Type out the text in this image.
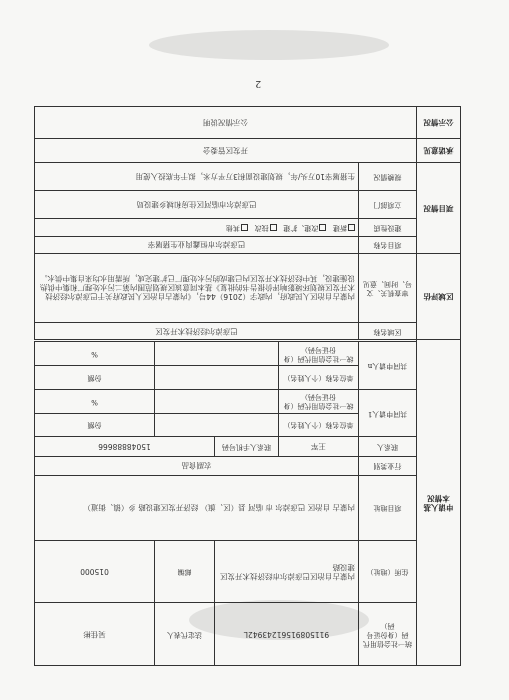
申请人基本情况	统一社会信用代码（身份证号码）	91150891561243942L		法定代表人	吴佳彬
	住所（地址）	内蒙古自治区巴彦淖尔市经济技术开发区建设路		邮编	015000
	项目地址	内蒙古 自治区 巴彦淖尔 市 临河 县（区、旗） 经济开发区建设路 乡（镇、街道）			
	行业类别	农副食品			
	联系人	王军	联系人手机号码	15048888666	
	共同申请人1	单位名称（个人姓名）			份额
		统一社会信用代码（身份证号码）			%
	共同申请人n	单位名称（个人姓名）			份额
		统一社会信用代码（身份证号码）			%

区域评估	区域名称	巴彦淖尔经济技术开发区			
	审查机关、文号、时间、意见	内蒙古自治区人民政府，内政字（2016）44号，《内蒙古自治区人民政府关于巴彦淖尔经济技术开发区规划环境影响评价报告书的批复》基本同意该区规划范围内第二污水处理厂和集中供热设施建设，其中经济技术开发区内已建成的污水处理厂已扩建完成，所需用水均来自集中供水。			
项目情况	项目名称	巴彦淖尔市恒鑫肉业生猪屠宰			
	建设性质	新建   改建、扩建   技改   其他			
	立项部门	巴彦淖尔市临河区住房和城乡建设局			
	规模情况	生猪屠宰10万头/年，规划建设面积3万平方米，拟于年底投入使用			
承诺意见	开发区管委会				
公示情况	公示情况说明				
2
